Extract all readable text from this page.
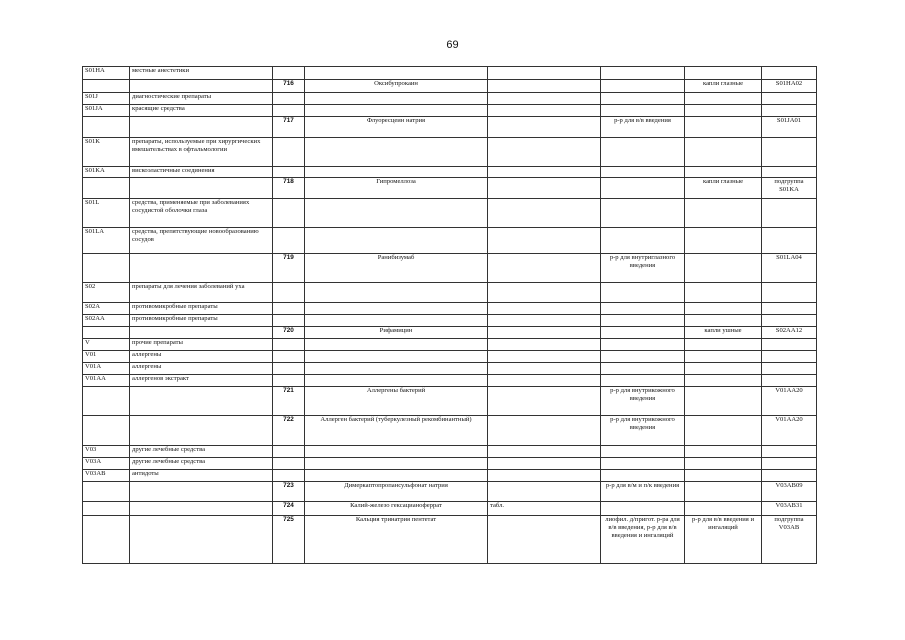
69
S01HA	местные анестетики						
		716	Оксибупрокаин			капли глазные	S01HA02
S01J	диагностические препараты						
S01JA	красящие средства						
		717	Флуоресцеин натрия		р-р для в/в введения		S01JA01
S01K	препараты, используемые при хирургических вмешательствах в офтальмологии						
S01KA	вискоэластичные соединения						
		718	Гипромеллоза			капли глазные	подгруппа S01KA
S01L	средства, применяемые при заболеваниях сосудистой оболочки глаза						
S01LA	средства, препятствующие новообразованию сосудов						
		719	Ранибизумаб		р-р для внутриглазного введения		S01LA04
S02	препараты для лечения заболеваний уха						
S02A	противомикробные препараты						
S02AA	противомикробные препараты						
		720	Рифамицин			капли ушные	S02AA12
V	прочие препараты						
V01	аллергены						
V01A	аллергены						
V01AA	аллергенов экстракт						
		721	Аллергены бактерий		р-р для внутрикожного введения		V01AA20
		722	Аллерген бактерий (туберкулезный рекомбинантный)		р-р для внутрикожного введения		V01AA20
V03	другие лечебные средства						
V03A	другие лечебные средства						
V03AB	антидоты						
		723	Димеркаптопропансульфонат натрия		р-р для в/м и п/к введения		V03AB09
		724	Калий-железо гексацианоферрат	табл.			V03AB31
		725	Кальция тринатрия пентетат		лиофил. д/пригот. р-ра для в/в введения, р-р для в/в введения и ингаляций	р-р для в/в введения и ингаляций	подгруппа V03AB
